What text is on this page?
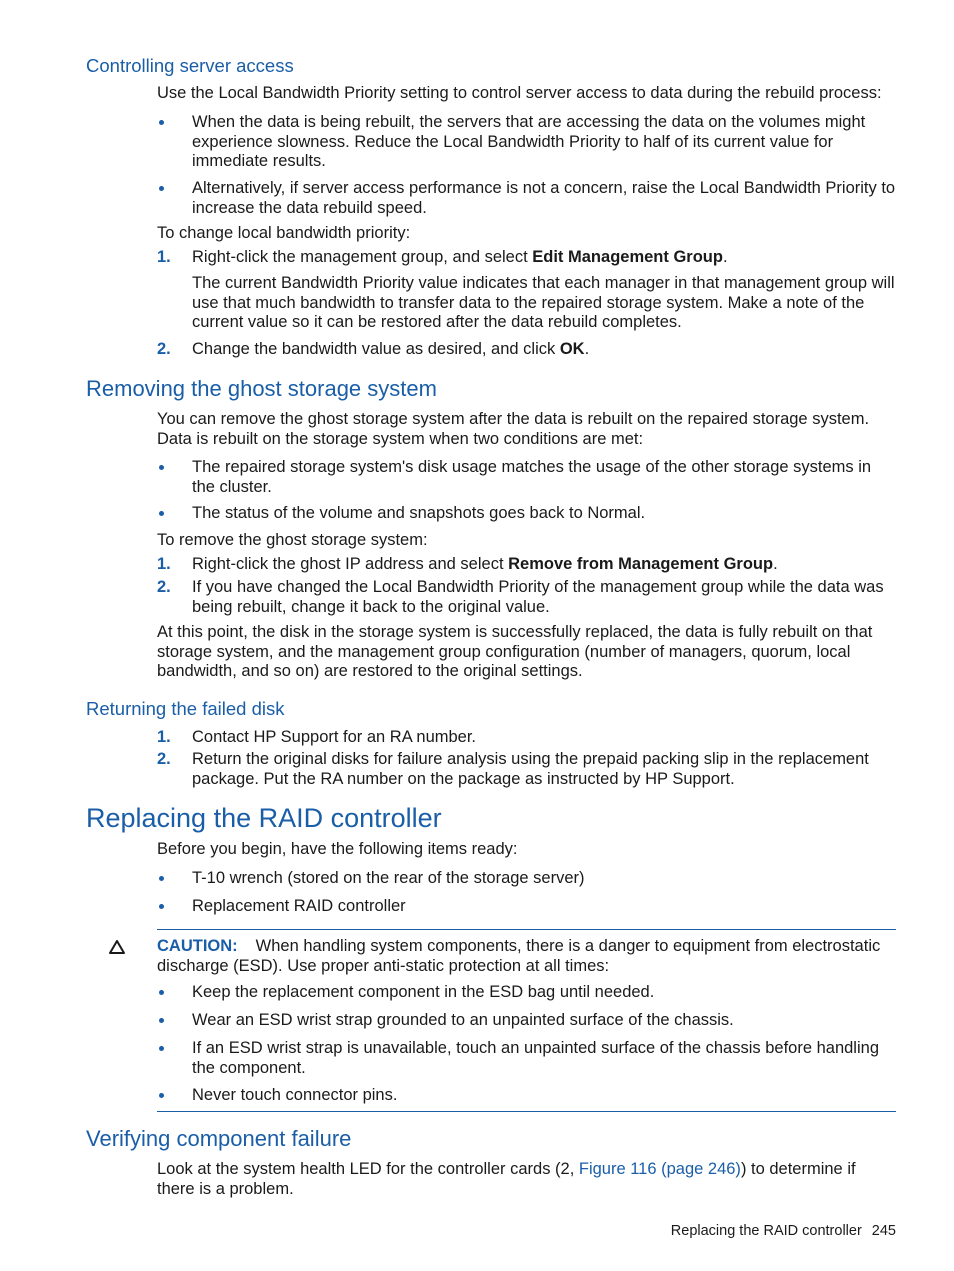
Controlling server access
Use the Local Bandwidth Priority setting to control server access to data during the rebuild process:
When the data is being rebuilt, the servers that are accessing the data on the volumes might experience slowness. Reduce the Local Bandwidth Priority to half of its current value for immediate results.
Alternatively, if server access performance is not a concern, raise the Local Bandwidth Priority to increase the data rebuild speed.
To change local bandwidth priority:
1. Right-click the management group, and select Edit Management Group.
The current Bandwidth Priority value indicates that each manager in that management group will use that much bandwidth to transfer data to the repaired storage system. Make a note of the current value so it can be restored after the data rebuild completes.
2. Change the bandwidth value as desired, and click OK.
Removing the ghost storage system
You can remove the ghost storage system after the data is rebuilt on the repaired storage system. Data is rebuilt on the storage system when two conditions are met:
The repaired storage system's disk usage matches the usage of the other storage systems in the cluster.
The status of the volume and snapshots goes back to Normal.
To remove the ghost storage system:
1. Right-click the ghost IP address and select Remove from Management Group.
2. If you have changed the Local Bandwidth Priority of the management group while the data was being rebuilt, change it back to the original value.
At this point, the disk in the storage system is successfully replaced, the data is fully rebuilt on that storage system, and the management group configuration (number of managers, quorum, local bandwidth, and so on) are restored to the original settings.
Returning the failed disk
1. Contact HP Support for an RA number.
2. Return the original disks for failure analysis using the prepaid packing slip in the replacement package. Put the RA number on the package as instructed by HP Support.
Replacing the RAID controller
Before you begin, have the following items ready:
T-10 wrench (stored on the rear of the storage server)
Replacement RAID controller
CAUTION: When handling system components, there is a danger to equipment from electrostatic discharge (ESD). Use proper anti-static protection at all times:
Keep the replacement component in the ESD bag until needed.
Wear an ESD wrist strap grounded to an unpainted surface of the chassis.
If an ESD wrist strap is unavailable, touch an unpainted surface of the chassis before handling the component.
Never touch connector pins.
Verifying component failure
Look at the system health LED for the controller cards (2, Figure 116 (page 246)) to determine if there is a problem.
Replacing the RAID controller 245
